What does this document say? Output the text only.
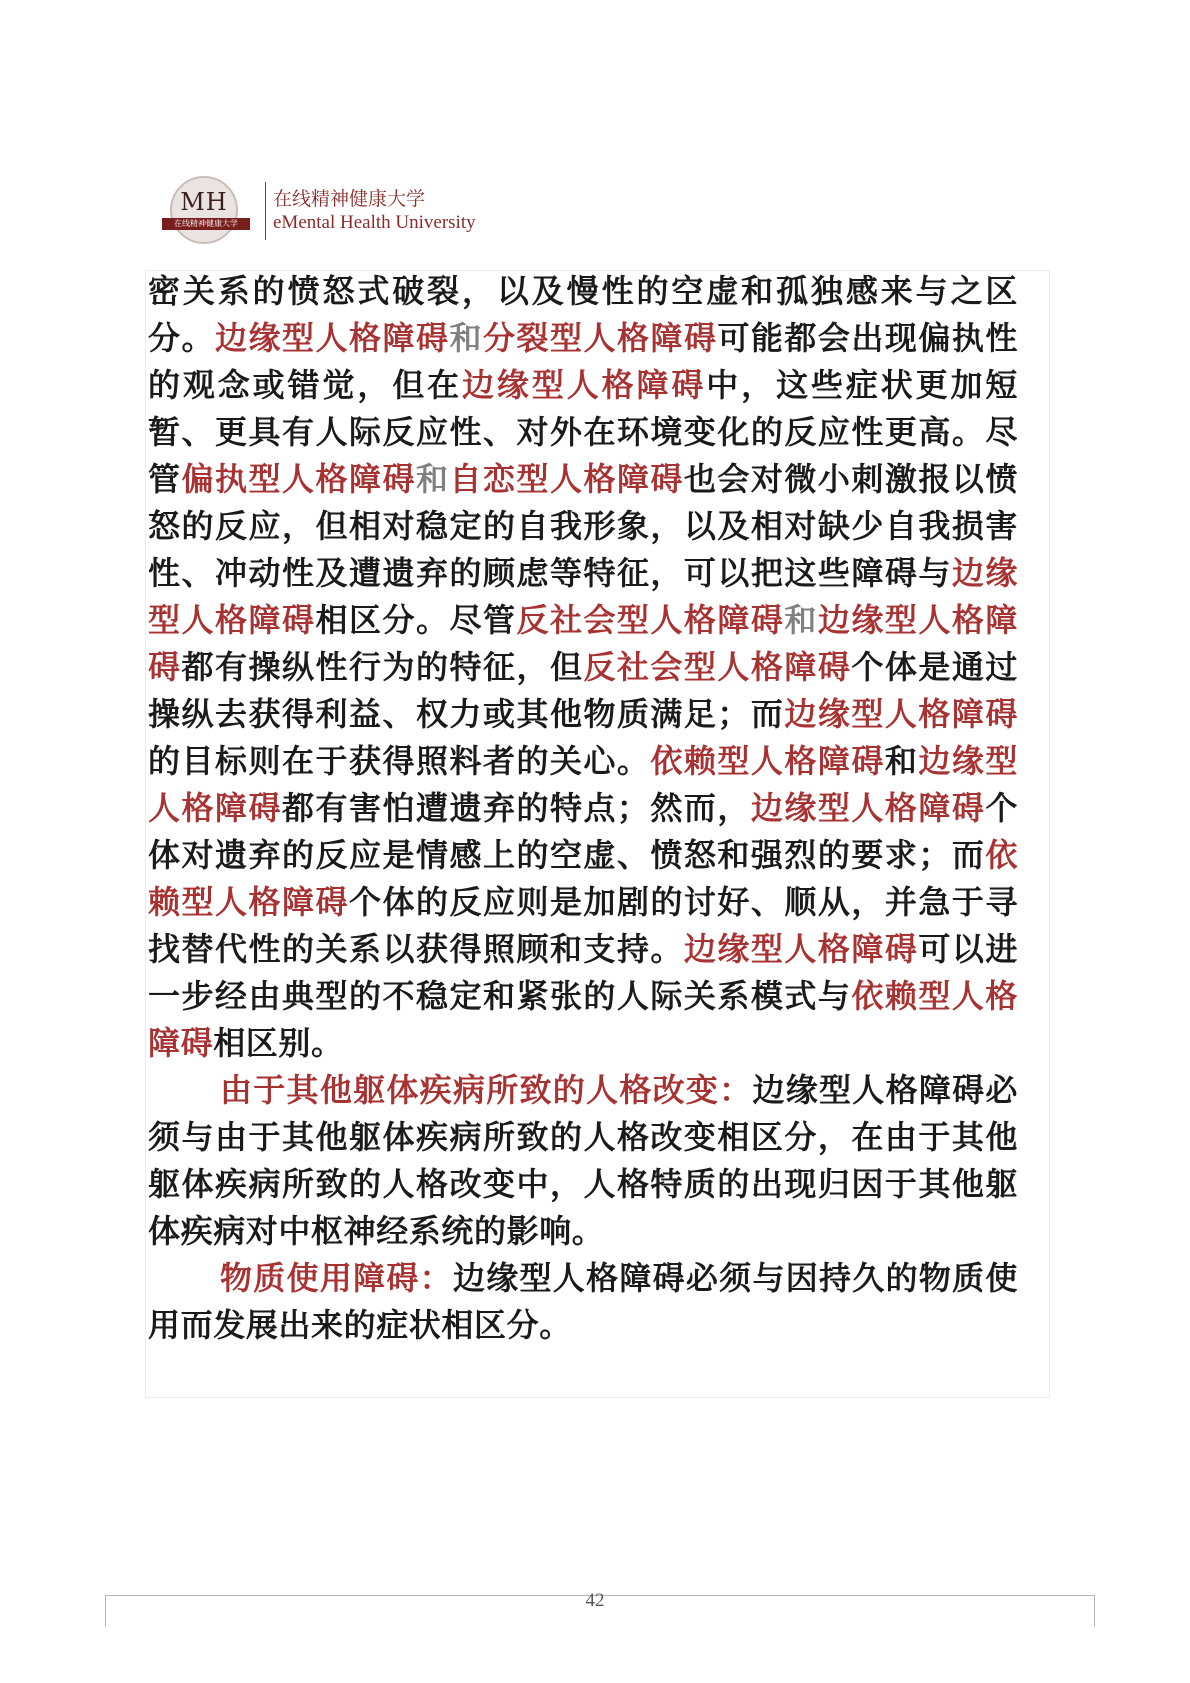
MH
在线精神健康大学
在线精神健康大学
eMental Health University

密关系的愤怒式破裂，以及慢性的空虚和孤独感来与之区分。边缘型人格障碍和分裂型人格障碍可能都会出现偏执性的观念或错觉，但在边缘型人格障碍中，这些症状更加短暂、更具有人际反应性、对外在环境变化的反应性更高。尽管偏执型人格障碍和自恋型人格障碍也会对微小刺激报以愤怒的反应，但相对稳定的自我形象，以及相对缺少自我损害性、冲动性及遭遗弃的顾虑等特征，可以把这些障碍与边缘型人格障碍相区分。尽管反社会型人格障碍和边缘型人格障碍都有操纵性行为的特征，但反社会型人格障碍个体是通过操纵去获得利益、权力或其他物质满足；而边缘型人格障碍的目标则在于获得照料者的关心。依赖型人格障碍和边缘型人格障碍都有害怕遭遗弃的特点；然而，边缘型人格障碍个体对遗弃的反应是情感上的空虚、愤怒和强烈的要求；而依赖型人格障碍个体的反应则是加剧的讨好、顺从，并急于寻找替代性的关系以获得照顾和支持。边缘型人格障碍可以进一步经由典型的不稳定和紧张的人际关系模式与依赖型人格障碍相区别。

由于其他躯体疾病所致的人格改变：边缘型人格障碍必须与由于其他躯体疾病所致的人格改变相区分，在由于其他躯体疾病所致的人格改变中，人格特质的出现归因于其他躯体疾病对中枢神经系统的影响。

物质使用障碍：边缘型人格障碍必须与因持久的物质使用而发展出来的症状相区分。

42
